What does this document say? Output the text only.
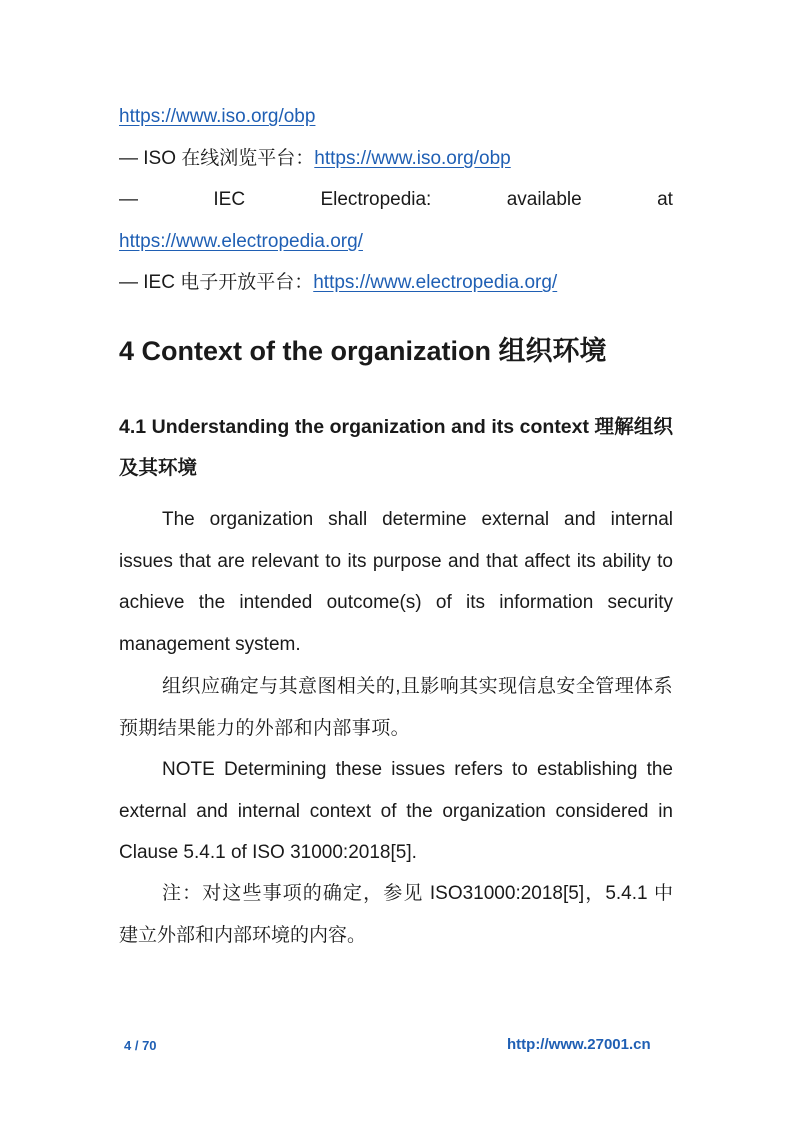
https://www.iso.org/obp
— ISO 在线浏览平台：https://www.iso.org/obp
—	IEC	Electropedia:	available	at
https://www.electropedia.org/
— IEC 电子开放平台：https://www.electropedia.org/
4 Context of the organization 组织环境
4.1 Understanding the organization and its context 理解组织及其环境

The organization shall determine external and internal issues that are relevant to its purpose and that affect its ability to achieve the intended outcome(s) of its information security management system.

组织应确定与其意图相关的,且影响其实现信息安全管理体系预期结果能力的外部和内部事项。

NOTE Determining these issues refers to establishing the external and internal context of the organization considered in Clause 5.4.1 of ISO 31000:2018[5].

注：对这些事项的确定，参见 ISO31000:2018[5]，5.4.1 中建立外部和内部环境的内容。

4 / 70	http://www.27001.cn
